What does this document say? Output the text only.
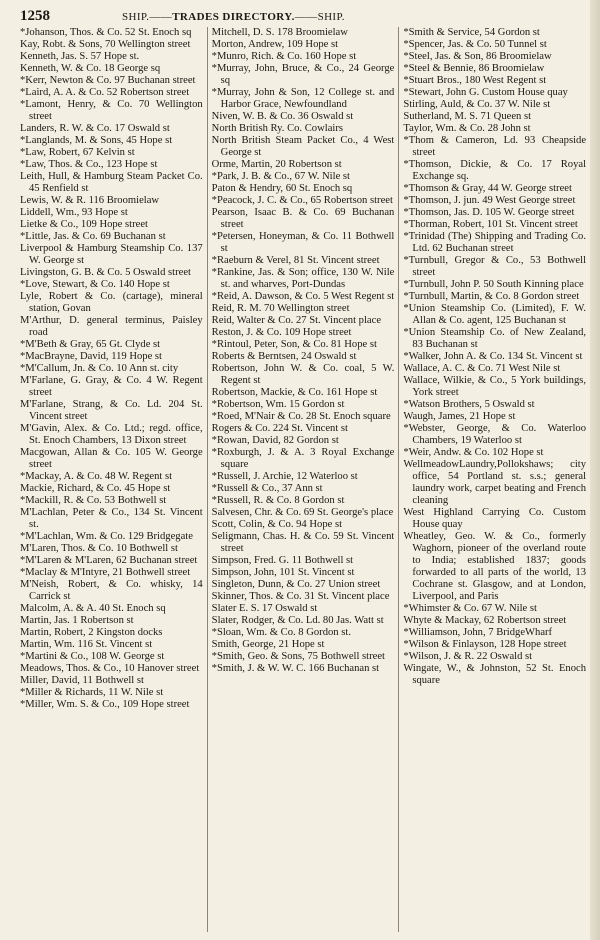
1258	SHIP.——TRADES DIRECTORY.——SHIP.

*Johanson, Thos. & Co. 52 St. Enoch sq

Kay, Robt. & Sons, 70 Wellington street

Kenneth, Jas. S. 57 Hope st.

Kenneth, W. & Co. 18 George sq

*Kerr, Newton & Co. 97 Buchanan street

*Laird, A. A. & Co. 52 Robertson street

*Lamont, Henry, & Co. 70 Wellington street

Landers, R. W. & Co. 17 Oswald st

*Langlands, M. & Sons, 45 Hope st

*Law, Robert, 67 Kelvin st

*Law, Thos. & Co., 123 Hope st

Leith, Hull, & Hamburg Steam Packet Co. 45 Renfield st

Lewis, W. & R. 116 Broomielaw

Liddell, Wm., 93 Hope st

Lietke & Co., 109 Hope street

*Little, Jas. & Co. 69 Buchanan st

Liverpool & Hamburg Steamship Co. 137 W. George st

Livingston, G. B. & Co. 5 Oswald street

*Love, Stewart, & Co. 140 Hope st

Lyle, Robert & Co. (cartage), mineral station, Govan

M'Arthur, D. general terminus, Paisley road

*M'Beth & Gray, 65 Gt. Clyde st

*MacBrayne, David, 119 Hope st

*M'Callum, Jn. & Co. 10 Ann st. city

M'Farlane, G. Gray, & Co. 4 W. Regent street

M'Farlane, Strang, & Co. Ld. 204 St. Vincent street

M'Gavin, Alex. & Co. Ltd.; regd. office, St. Enoch Chambers, 13 Dixon street

Macgowan, Allan & Co. 105 W. George street

*Mackay, A. & Co. 48 W. Regent st

Mackie, Richard, & Co. 45 Hope st

*Mackill, R. & Co. 53 Bothwell st

M'Lachlan, Peter & Co., 134 St. Vincent st.

*M'Lachlan, Wm. & Co. 129 Bridgegate

M'Laren, Thos. & Co. 10 Bothwell st

*M'Laren & M'Laren, 62 Buchanan street

*Maclay & M'Intyre, 21 Bothwell street

M'Neish, Robert, & Co. whisky, 14 Carrick st

Malcolm, A. & A. 40 St. Enoch sq

Martin, Jas. 1 Robertson st

Martin, Robert, 2 Kingston docks

Martin, Wm. 116 St. Vincent st

*Martini & Co., 108 W. George st

Meadows, Thos. & Co., 10 Hanover street

Miller, David, 11 Bothwell st

*Miller & Richards, 11 W. Nile st

*Miller, Wm. S. & Co., 109 Hope street

Mitchell, D. S. 178 Broomielaw

Morton, Andrew, 109 Hope st

*Munro, Rich. & Co. 160 Hope st

*Murray, John, Bruce, & Co., 24 George sq

*Murray, John & Son, 12 College st. and Harbor Grace, Newfoundland

Niven, W. B. & Co. 36 Oswald st

North British Ry. Co. Cowlairs

North British Steam Packet Co., 4 West George st

Orme, Martin, 20 Robertson st

*Park, J. B. & Co., 67 W. Nile st

Paton & Hendry, 60 St. Enoch sq

*Peacock, J. C. & Co., 65 Robertson street

Pearson, Isaac B. & Co. 69 Buchanan street

*Petersen, Honeyman, & Co. 11 Bothwell st

*Raeburn & Verel, 81 St. Vincent street

*Rankine, Jas. & Son; office, 130 W. Nile st. and wharves, Port-Dundas

*Reid, A. Dawson, & Co. 5 West Regent st

Reid, R. M. 70 Wellington street

Reid, Walter & Co. 27 St. Vincent place

Reston, J. & Co. 109 Hope street

*Rintoul, Peter, Son, & Co. 81 Hope st

Roberts & Berntsen, 24 Oswald st

Robertson, John W. & Co. coal, 5 W. Regent st

Robertson, Mackie, & Co. 161 Hope st

*Robertson, Wm. 15 Gordon st

*Roed, M'Nair & Co. 28 St. Enoch square

Rogers & Co. 224 St. Vincent st

*Rowan, David, 82 Gordon st

*Roxburgh, J. & A. 3 Royal Exchange square

*Russell, J. Archie, 12 Waterloo st

*Russell & Co., 37 Ann st

*Russell, R. & Co. 8 Gordon st

Salvesen, Chr. & Co. 69 St. George's place

Scott, Colin, & Co. 94 Hope st

Seligmann, Chas. H. & Co. 59 St. Vincent street

Simpson, Fred. G. 11 Bothwell st

Simpson, John, 101 St. Vincent st

Singleton, Dunn, & Co. 27 Union street

Skinner, Thos. & Co. 31 St. Vincent place

Slater E. S. 17 Oswald st

Slater, Rodger, & Co. Ld. 80 Jas. Watt st

*Sloan, Wm. & Co. 8 Gordon st.

Smith, George, 21 Hope st

*Smith, Geo. & Sons, 75 Bothwell street

*Smith, J. & W. W. C. 166 Buchanan st

*Smith & Service, 54 Gordon st

*Spencer, Jas. & Co. 50 Tunnel st

*Steel, Jas. & Son, 86 Broomielaw

*Steel & Bennie, 86 Broomielaw

*Stuart Bros., 180 West Regent st

*Stewart, John G. Custom House quay

Stirling, Auld, & Co. 37 W. Nile st

Sutherland, M. S. 71 Queen st

Taylor, Wm. & Co. 28 John st

*Thom & Cameron, Ld. 93 Cheapside street

*Thomson, Dickie, & Co. 17 Royal Exchange sq.

*Thomson & Gray, 44 W. George street

*Thomson, J. jun. 49 West George street

*Thomson, Jas. D. 105 W. George street

*Thorman, Robert, 101 St. Vincent street

*Trinidad (The) Shipping and Trading Co. Ltd. 62 Buchanan street

*Turnbull, Gregor & Co., 53 Bothwell street

*Turnbull, John P. 50 South Kinning place

*Turnbull, Martin, & Co. 8 Gordon street

*Union Steamship Co. (Limited), F. W. Allan & Co. agent, 125 Buchanan st

*Union Steamship Co. of New Zealand, 83 Buchanan st

*Walker, John A. & Co. 134 St. Vincent st

Wallace, A. C. & Co. 71 West Nile st

Wallace, Wilkie, & Co., 5 York buildings, York street

*Watson Brothers, 5 Oswald st

Waugh, James, 21 Hope st

*Webster, George, & Co. Waterloo Chambers, 19 Waterloo st

*Weir, Andw. & Co. 102 Hope st

WellmeadowLaundry,Pollokshaws; city office, 54 Portland st. s.s.; general laundry work, carpet beating and French cleaning

West Highland Carrying Co. Custom House quay

Wheatley, Geo. W. & Co., formerly Waghorn, pioneer of the overland route to India; established 1837; goods forwarded to all parts of the world, 13 Cochrane st. Glasgow, and at London, Liverpool, and Paris

*Whimster & Co. 67 W. Nile st

Whyte & Mackay, 62 Robertson street

*Williamson, John, 7 BridgeWharf

*Wilson & Finlayson, 128 Hope street

*Wilson, J. & R. 22 Oswald st

Wingate, W., & Johnston, 52 St. Enoch square
